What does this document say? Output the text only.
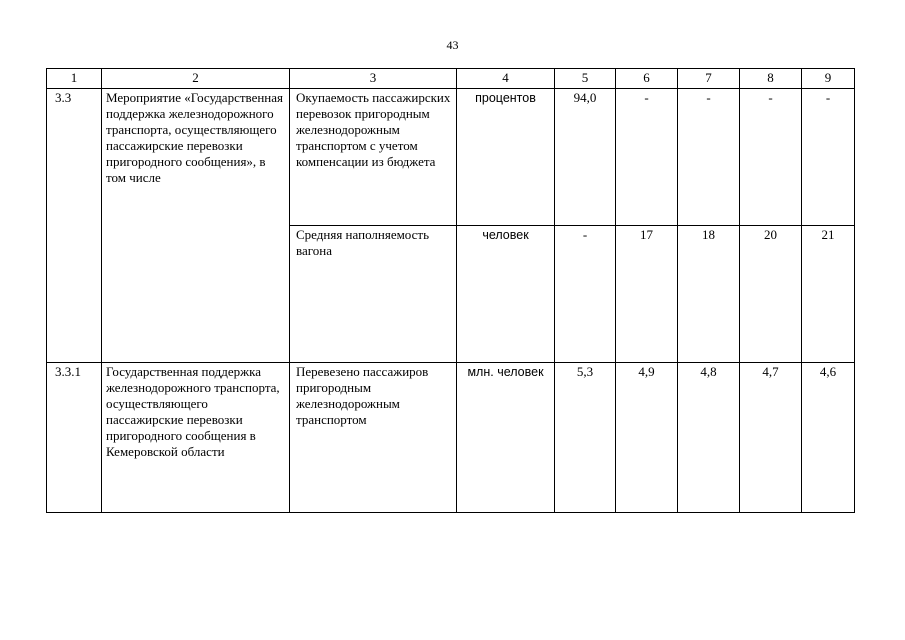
43
1	2	3	4	5	6	7	8	9
3.3	Мероприятие «Государственная поддержка железнодорожного транспорта, осуществляющего пассажирские перевозки пригородного сообщения», в том числе	Окупаемость пассажирских перевозок пригородным железнодорожным транспортом с учетом компенсации из бюджета	процентов	94,0	-	-	-	-
		Средняя наполняемость вагона	человек	-	17	18	20	21
3.3.1	Государственная поддержка железнодорожного транспорта, осуществляющего пассажирские перевозки пригородного сообщения в Кемеровской области	Перевезено пассажиров пригородным железнодорожным транспортом	млн. человек	5,3	4,9	4,8	4,7	4,6
